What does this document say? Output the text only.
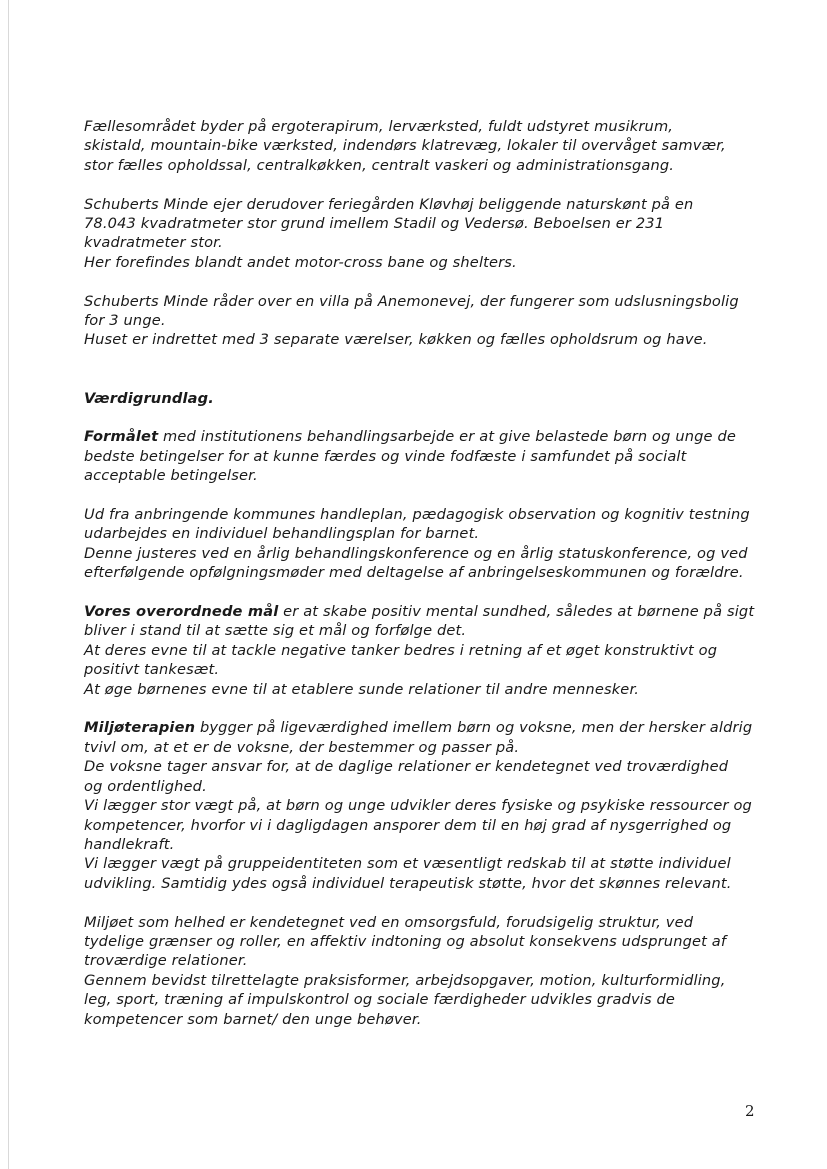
Fællesområdet byder på ergoterapirum, lerværksted, fuldt udstyret musikrum,
skistald, mountain-bike værksted, indendørs klatrevæg, lokaler til overvåget samvær,
stor fælles opholdssal, centralkøkken, centralt vaskeri og administrationsgang.
Schuberts Minde ejer derudover feriegården Kløvhøj beliggende naturskønt på en
78.043 kvadratmeter stor grund imellem Stadil og Vedersø. Beboelsen er 231
kvadratmeter stor.
Her forefindes blandt andet motor-cross bane og shelters.
Schuberts Minde råder over en villa på Anemonevej, der fungerer som udslusningsbolig
for 3 unge.
Huset er indrettet med 3 separate værelser, køkken og fælles opholdsrum og have.
Værdigrundlag.
Formålet med institutionens behandlingsarbejde er at give belastede børn og unge de
bedste betingelser for at kunne færdes og vinde fodfæste i samfundet på socialt
acceptable betingelser.
Ud fra anbringende kommunes handleplan, pædagogisk observation og kognitiv testning
udarbejdes en individuel behandlingsplan for barnet.
Denne justeres ved en årlig behandlingskonference og en årlig statuskonference, og ved
efterfølgende opfølgningsmøder med deltagelse af anbringelseskommunen og forældre.
Vores overordnede mål er at skabe positiv mental sundhed, således at børnene på sigt
bliver i stand til at sætte sig et mål og forfølge det.
At deres evne til at tackle negative tanker bedres i retning af et øget konstruktivt og
positivt tankesæt.
At øge børnenes evne til at etablere sunde relationer til andre mennesker.
Miljøterapien bygger på ligeværdighed imellem børn og voksne, men der hersker aldrig
tvivl om, at et er de voksne, der bestemmer og passer på.
De voksne tager ansvar for, at de daglige relationer er kendetegnet ved troværdighed
og ordentlighed.
Vi lægger stor vægt på, at børn og unge udvikler deres fysiske og psykiske ressourcer og
kompetencer, hvorfor vi i dagligdagen ansporer dem til en høj grad af nysgerrighed og
handlekraft.
Vi lægger vægt på gruppeidentiteten som et væsentligt redskab til at støtte individuel
udvikling. Samtidig ydes også individuel terapeutisk støtte, hvor det skønnes relevant.
Miljøet som helhed er kendetegnet ved en omsorgsfuld, forudsigelig struktur, ved
tydelige grænser og roller, en affektiv indtoning og absolut konsekvens udsprunget af
troværdige relationer.
Gennem bevidst tilrettelagte praksisformer, arbejdsopgaver, motion, kulturformidling,
leg, sport, træning af impulskontrol og sociale færdigheder udvikles gradvis de
kompetencer som barnet/ den unge behøver.
2
